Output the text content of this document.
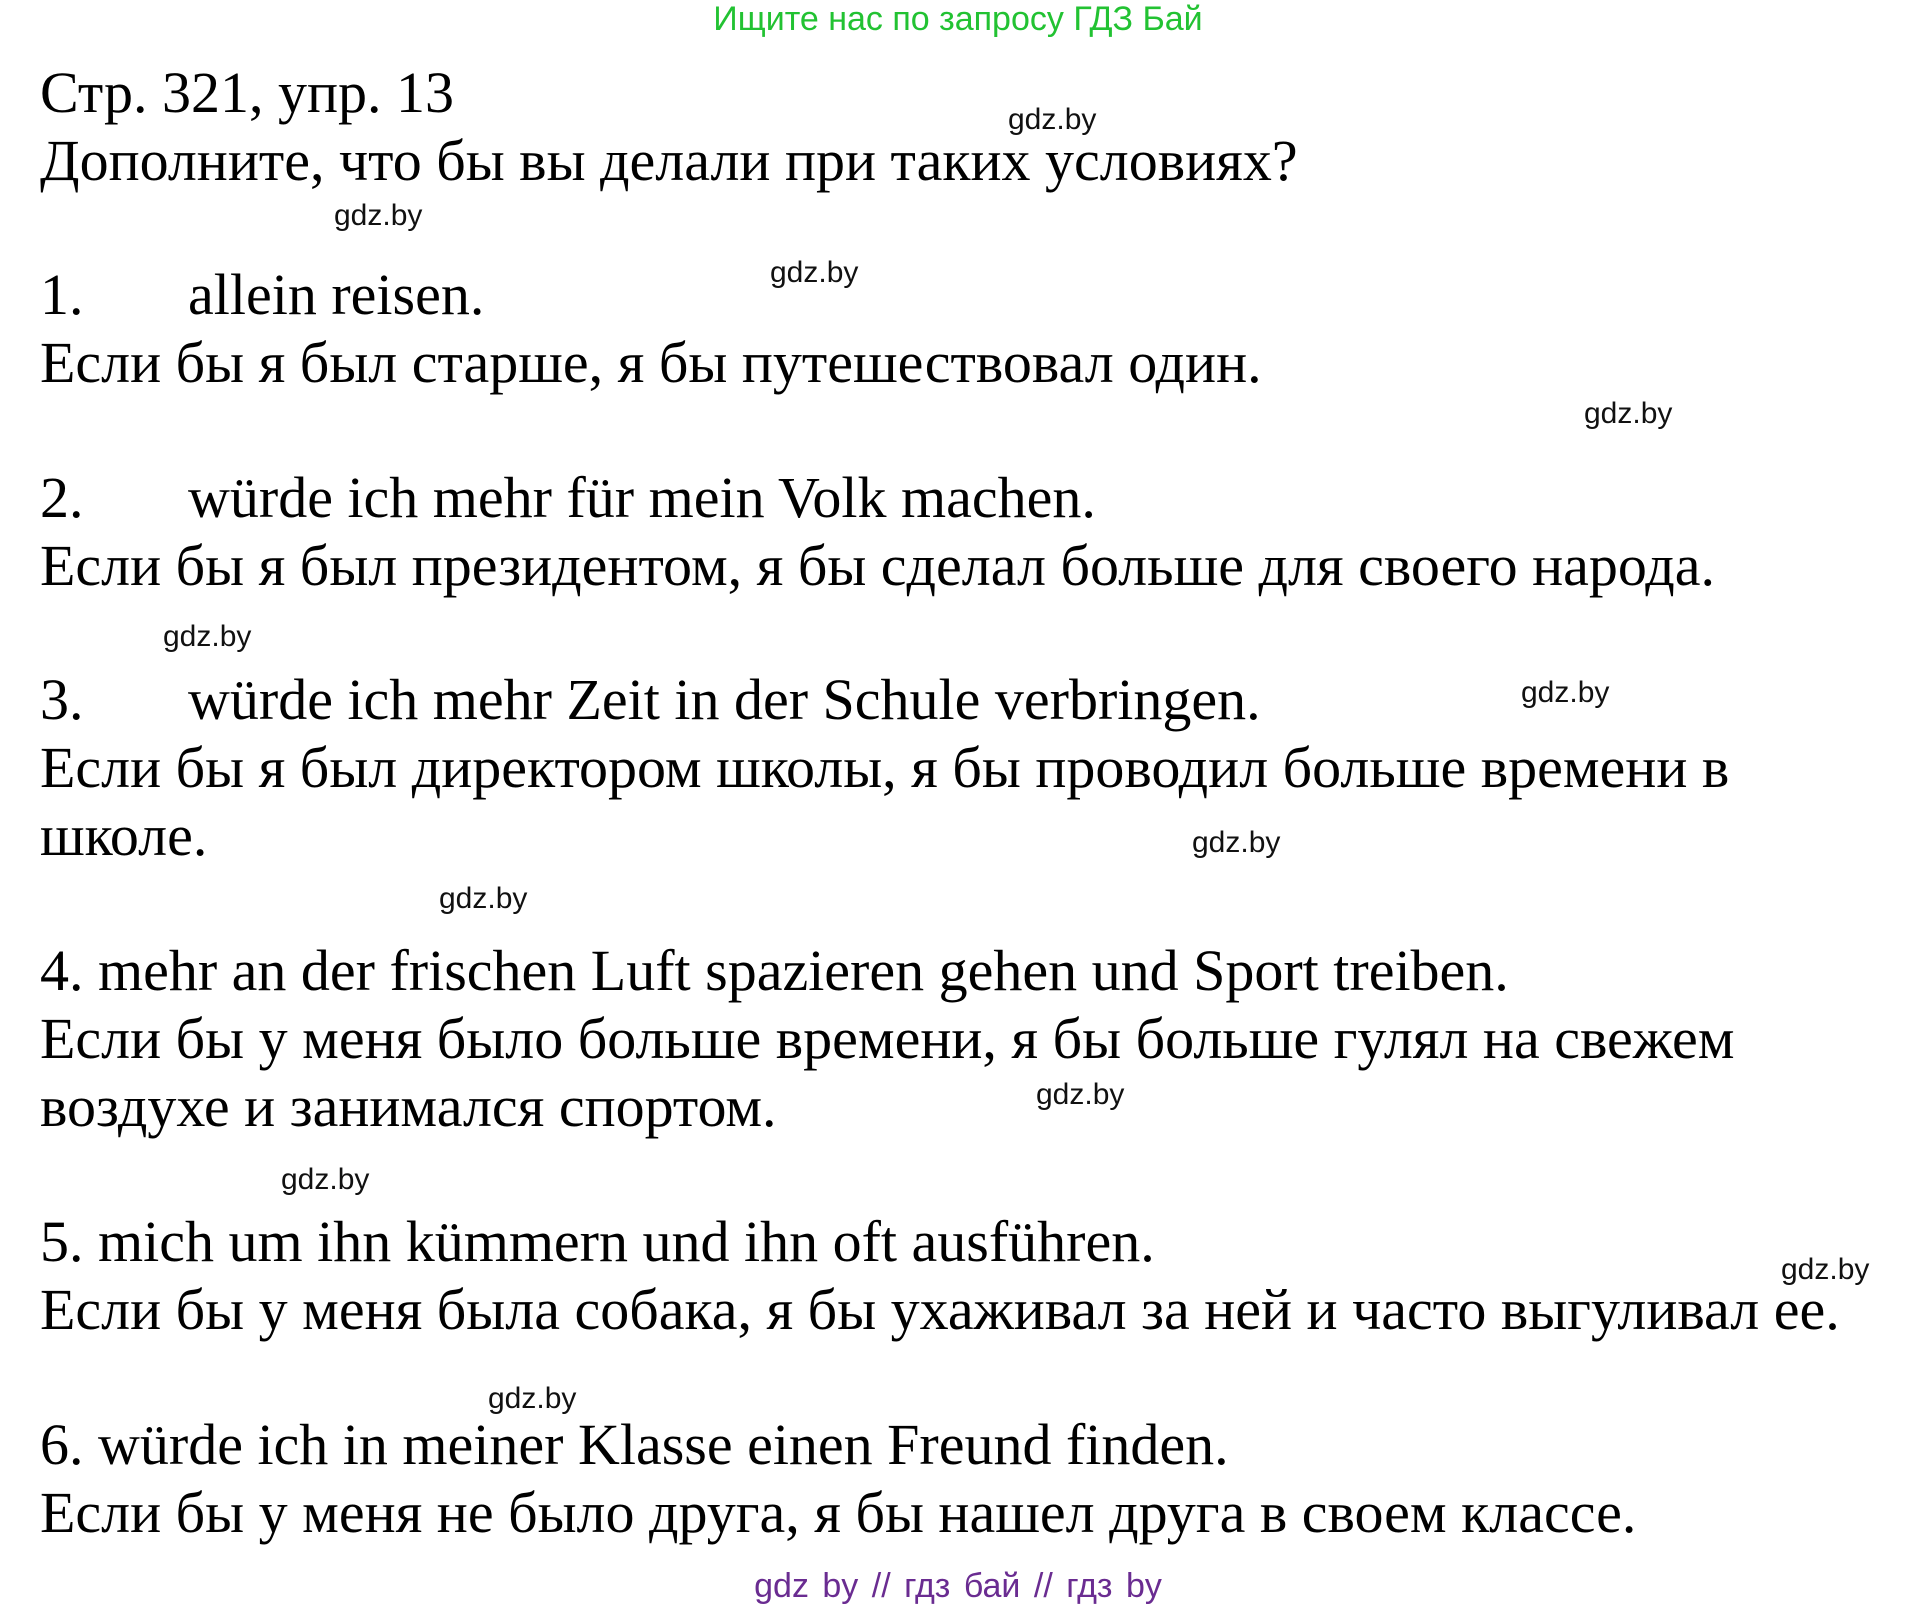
Ищите нас по запросу ГДЗ Бай
Стр. 321, упр. 13
Дополните, что бы вы делали при таких условиях?
1. allein reisen.
Если бы я был старше, я бы путешествовал один.
2. würde ich mehr für mein Volk machen.
Если бы я был президентом, я бы сделал больше для своего народа.
3. würde ich mehr Zeit in der Schule verbringen.
Если бы я был директором школы, я бы проводил больше времени в
школе.
4. mehr an der frischen Luft spazieren gehen und Sport treiben.
Если бы у меня было больше времени, я бы больше гулял на свежем
воздухе и занимался спортом.
5. mich um ihn kümmern und ihn oft ausführen.
Если бы у меня была собака, я бы ухаживал за ней и часто выгуливал ее.
6. würde ich in meiner Klasse einen Freund finden.
Если бы у меня не было друга, я бы нашел друга в своем классе.
gdz.by
gdz.by
gdz.by
gdz.by
gdz.by
gdz.by
gdz.by
gdz.by
gdz.by
gdz.by
gdz.by
gdz.by
gdz by // гдз бай // гдз by
